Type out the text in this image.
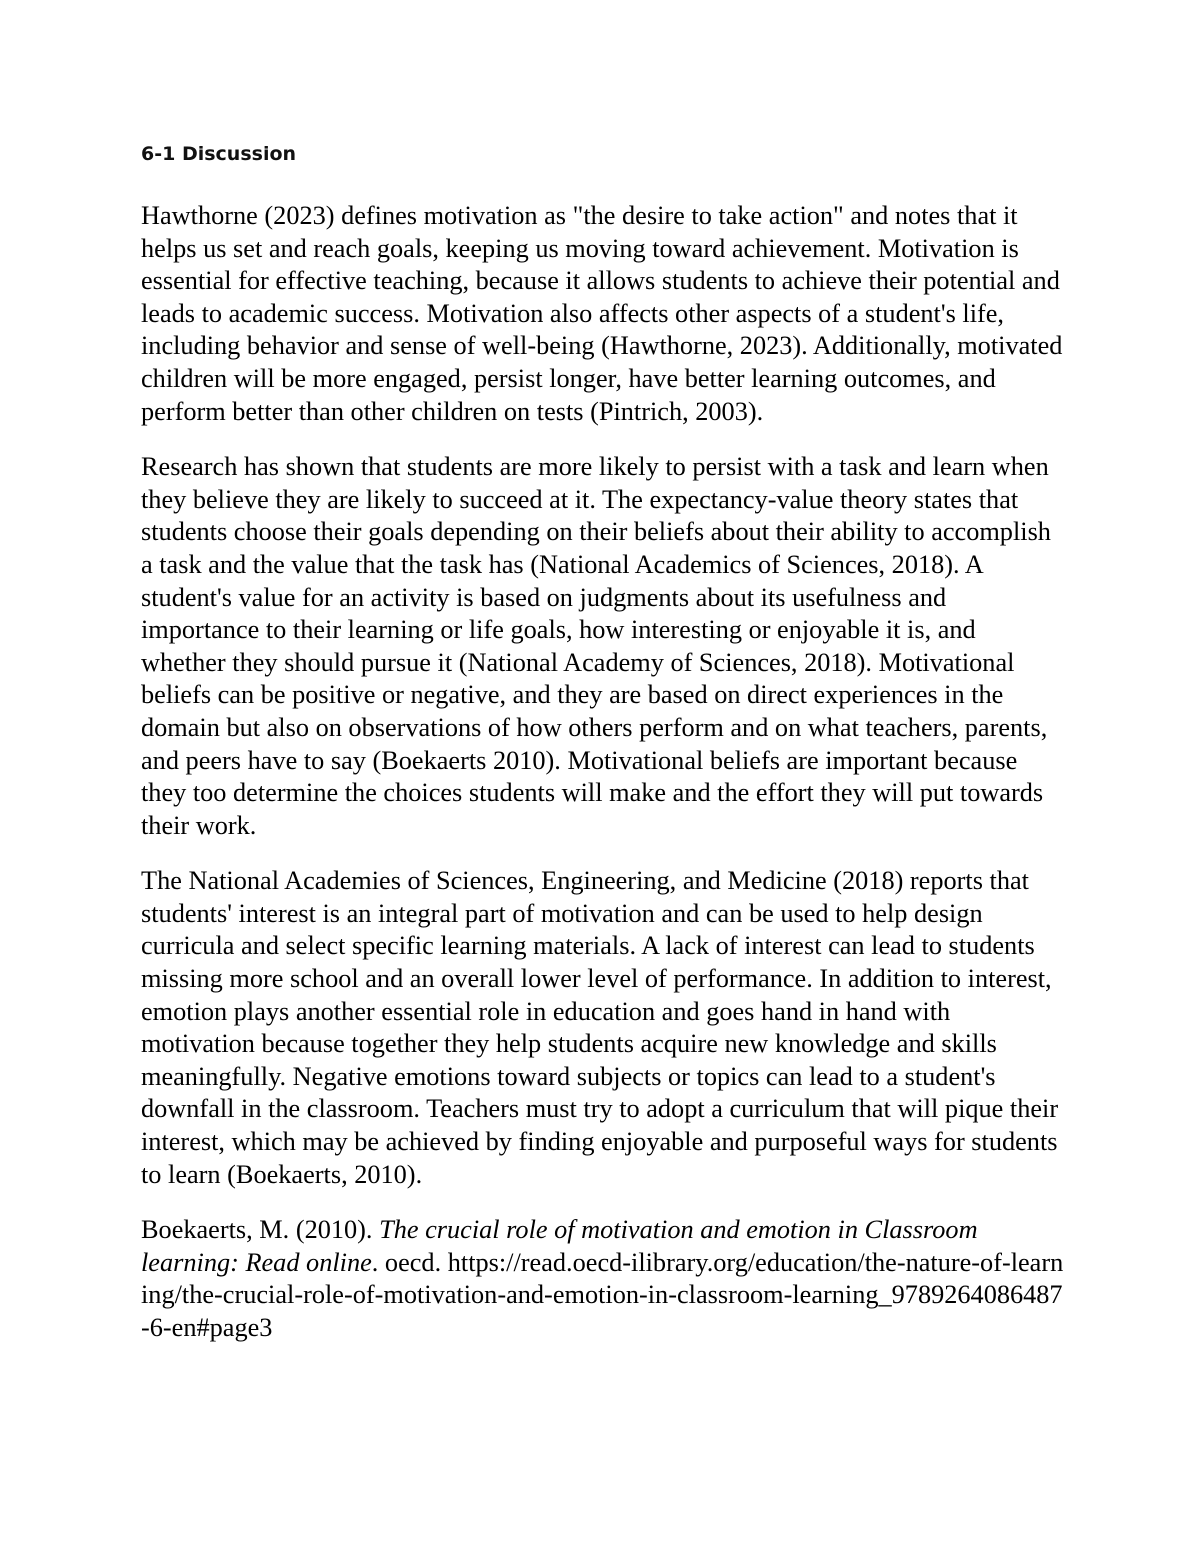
6-1 Discussion

Hawthorne (2023) defines motivation as "the desire to take action" and notes that it helps us set and reach goals, keeping us moving toward achievement. Motivation is essential for effective teaching, because it allows students to achieve their potential and leads to academic success. Motivation also affects other aspects of a student's life, including behavior and sense of well-being (Hawthorne, 2023). Additionally, motivated children will be more engaged, persist longer, have better learning outcomes, and perform better than other children on tests (Pintrich, 2003).

Research has shown that students are more likely to persist with a task and learn when they believe they are likely to succeed at it. The expectancy-value theory states that students choose their goals depending on their beliefs about their ability to accomplish a task and the value that the task has (National Academics of Sciences, 2018). A student's value for an activity is based on judgments about its usefulness and importance to their learning or life goals, how interesting or enjoyable it is, and whether they should pursue it (National Academy of Sciences, 2018). Motivational beliefs can be positive or negative, and they are based on direct experiences in the domain but also on observations of how others perform and on what teachers, parents, and peers have to say (Boekaerts 2010). Motivational beliefs are important because they too determine the choices students will make and the effort they will put towards their work.

The National Academies of Sciences, Engineering, and Medicine (2018) reports that students' interest is an integral part of motivation and can be used to help design curricula and select specific learning materials. A lack of interest can lead to students missing more school and an overall lower level of performance. In addition to interest, emotion plays another essential role in education and goes hand in hand with motivation because together they help students acquire new knowledge and skills meaningfully. Negative emotions toward subjects or topics can lead to a student's downfall in the classroom. Teachers must try to adopt a curriculum that will pique their interest, which may be achieved by finding enjoyable and purposeful ways for students to learn (Boekaerts, 2010).

Boekaerts, M. (2010). The crucial role of motivation and emotion in Classroom learning: Read online. oecd. https://read.oecd-ilibrary.org/education/the-nature-of-learning/the-crucial-role-of-motivation-and-emotion-in-classroom-learning_9789264086487-6-en#page3
